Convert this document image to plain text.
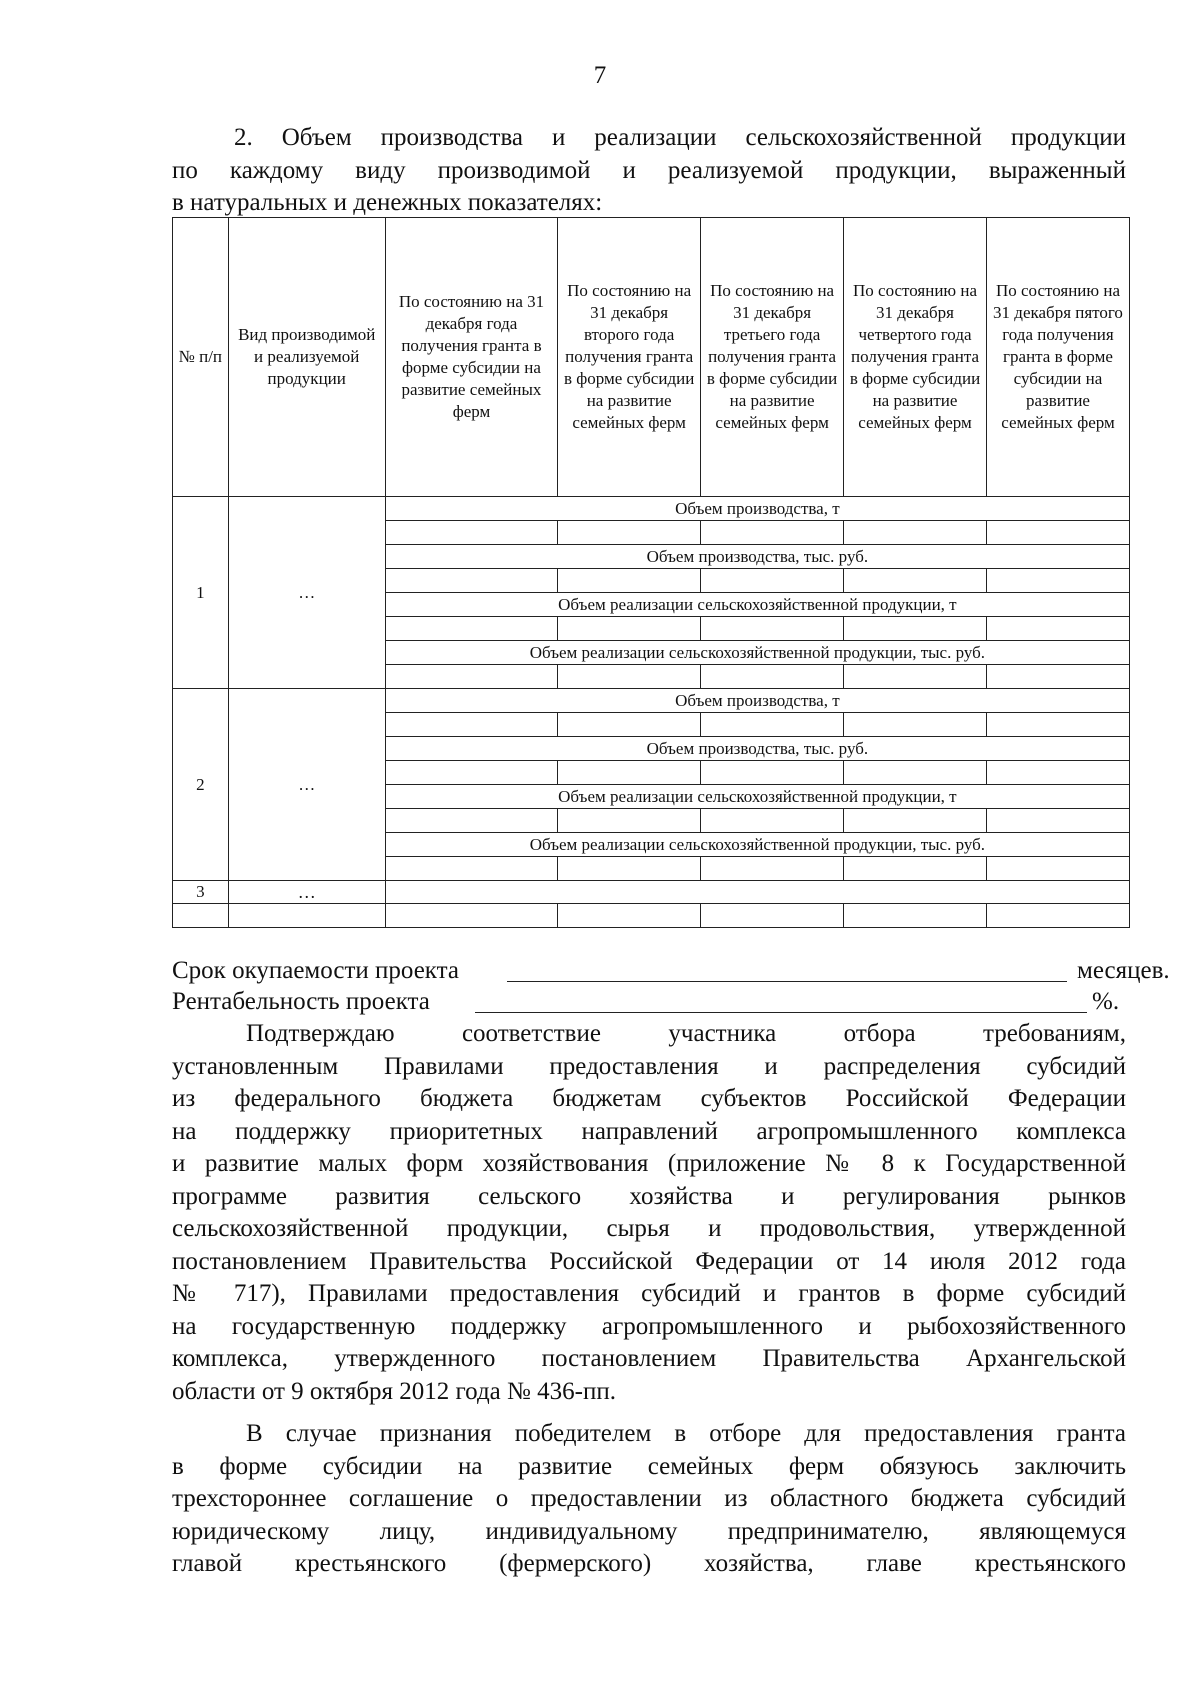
7
2. Объем производства и реализации сельскохозяйственной продукции
по каждому виду производимой и реализуемой продукции, выраженный
в натуральных и денежных показателях:
№ п/п	Вид производимой и реализуемой продукции	По состоянию на 31 декабря года получения гранта в форме субсидии на развитие семейных ферм	По состоянию на 31 декабря второго года получения гранта в форме субсидии на развитие семейных ферм	По состоянию на 31 декабря третьего года получения гранта в форме субсидии на развитие семейных ферм	По состоянию на 31 декабря четвертого года получения гранта в форме субсидии на развитие семейных ферм	По состоянию на 31 декабря пятого года получения гранта в форме субсидии на развитие семейных ферм

1	…	Объем производства, т				

		Объем производства, тыс. руб.				

		Объем реализации сельскохозяйственной продукции, т				

		Объем реализации сельскохозяйственной продукции, тыс. руб.				

2	…	Объем производства, т				

		Объем производства, тыс. руб.				

		Объем реализации сельскохозяйственной продукции, т				

		Объем реализации сельскохозяйственной продукции, тыс. руб.				

3	…					

Срок окупаемости проекта	месяцев.
Рентабельность проекта	%.
Подтверждаю соответствие участника отбора требованиям,
установленным Правилами предоставления и распределения субсидий
из федерального бюджета бюджетам субъектов Российской Федерации
на поддержку приоритетных направлений агропромышленного комплекса
и развитие малых форм хозяйствования (приложение № 8 к Государственной
программе развития сельского хозяйства и регулирования рынков
сельскохозяйственной продукции, сырья и продовольствия, утвержденной
постановлением Правительства Российской Федерации от 14 июля 2012 года
№ 717), Правилами предоставления субсидий и грантов в форме субсидий
на государственную поддержку агропромышленного и рыбохозяйственного
комплекса, утвержденного постановлением Правительства Архангельской
области от 9 октября 2012 года № 436-пп.
В случае признания победителем в отборе для предоставления гранта
в форме субсидии на развитие семейных ферм обязуюсь заключить
трехстороннее соглашение о предоставлении из областного бюджета субсидий
юридическому лицу, индивидуальному предпринимателю, являющемуся
главой крестьянского (фермерского) хозяйства, главе крестьянского
